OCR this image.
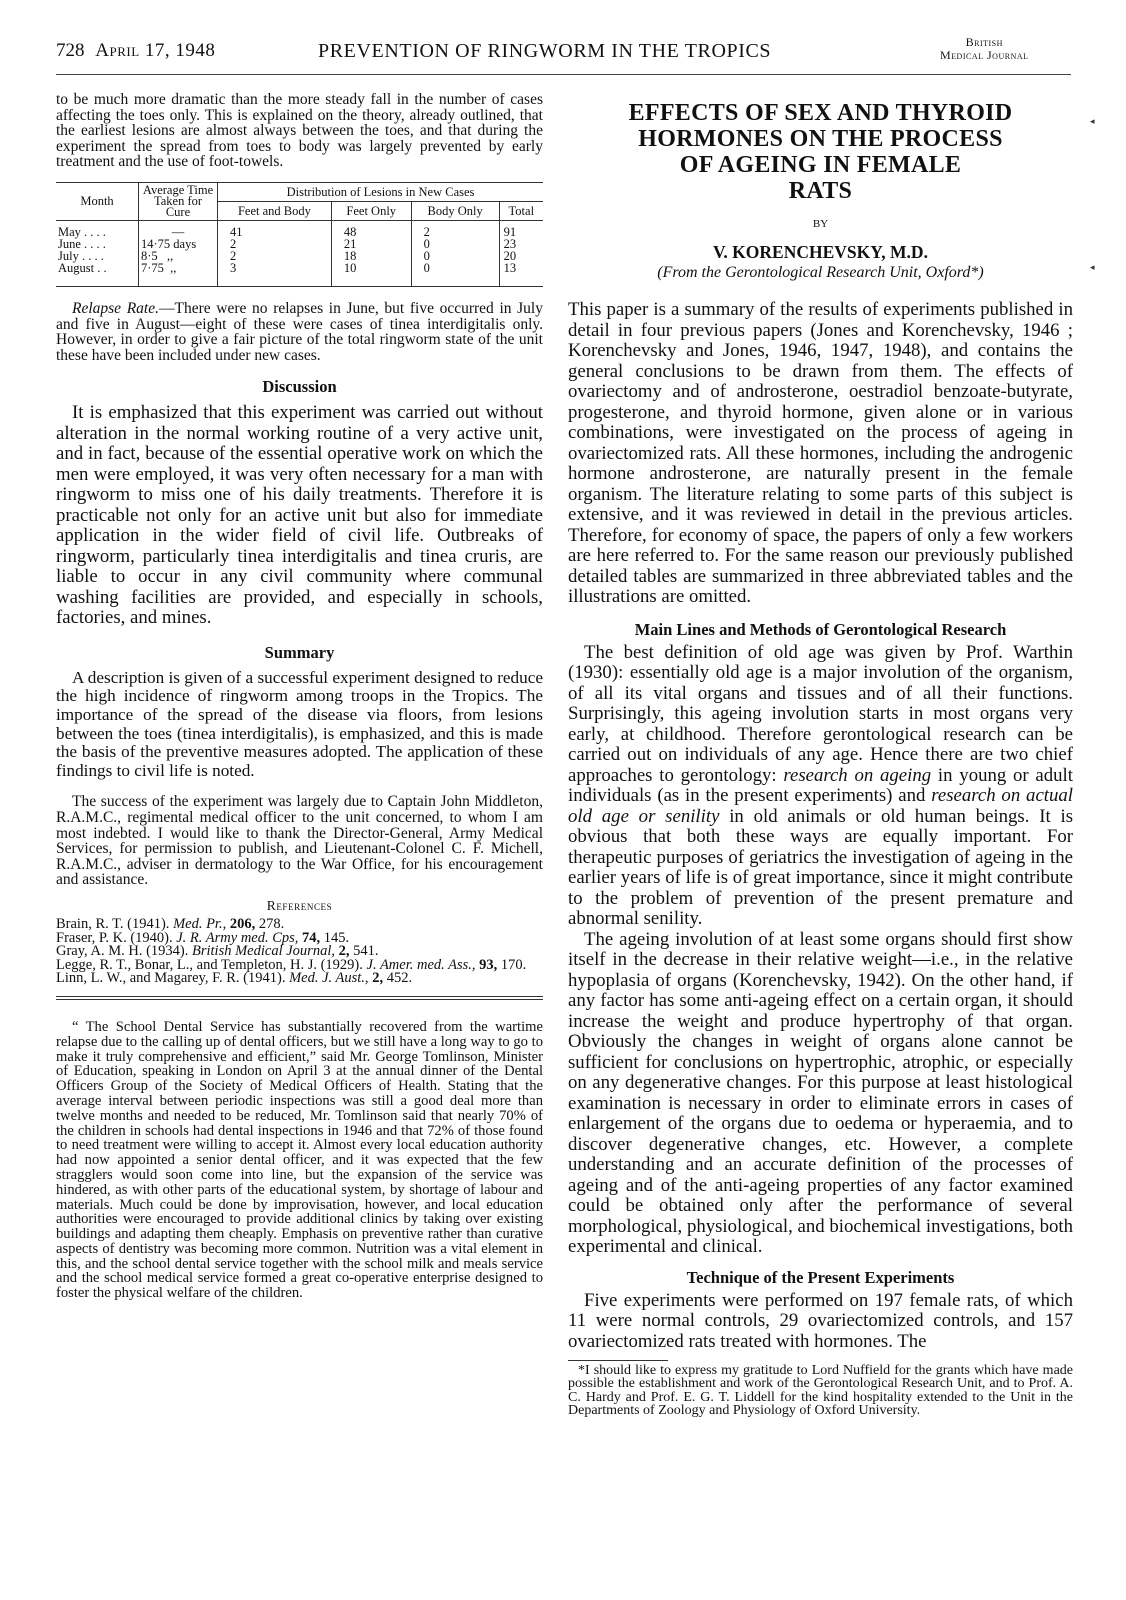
728 April 17, 1948	PREVENTION OF RINGWORM IN THE TROPICS	British
Medical Journal

to be much more dramatic than the more steady fall in the number of cases affecting the toes only. This is explained on the theory, already outlined, that the earliest lesions are almost always between the toes, and that during the experiment the spread from toes to body was largely prevented by early treatment and the use of foot-towels.

Month	Average Time Taken for Cure	Distribution of Lesions in New Cases			
		Feet and Body	Feet Only	Body Only	Total
May . . . .	—	41	48	2	91
June . . . .	14·75 days	2	21	0	23
July . . . .	8·5   ,,	2	18	0	20
August . .	7·75  ,,	3	10	0	13

Relapse Rate.—There were no relapses in June, but five occurred in July and five in August—eight of these were cases of tinea interdigitalis only. However, in order to give a fair picture of the total ringworm state of the unit these have been included under new cases.

Discussion

It is emphasized that this experiment was carried out without alteration in the normal working routine of a very active unit, and in fact, because of the essential operative work on which the men were employed, it was very often necessary for a man with ringworm to miss one of his daily treatments. Therefore it is practicable not only for an active unit but also for immediate application in the wider field of civil life. Outbreaks of ringworm, particularly tinea interdigitalis and tinea cruris, are liable to occur in any civil community where communal washing facilities are provided, and especially in schools, factories, and mines.

Summary

A description is given of a successful experiment designed to reduce the high incidence of ringworm among troops in the Tropics. The importance of the spread of the disease via floors, from lesions between the toes (tinea interdigitalis), is emphasized, and this is made the basis of the preventive measures adopted. The application of these findings to civil life is noted.

The success of the experiment was largely due to Captain John Middleton, R.A.M.C., regimental medical officer to the unit concerned, to whom I am most indebted. I would like to thank the Director-General, Army Medical Services, for permission to publish, and Lieutenant-Colonel C. F. Michell, R.A.M.C., adviser in dermatology to the War Office, for his encouragement and assistance.

References
Brain, R. T. (1941). Med. Pr., 206, 278.
Fraser, P. K. (1940). J. R. Army med. Cps, 74, 145.
Gray, A. M. H. (1934). British Medical Journal, 2, 541.
Legge, R. T., Bonar, L., and Templeton, H. J. (1929). J. Amer. med. Ass., 93, 170.
Linn, L. W., and Magarey, F. R. (1941). Med. J. Aust., 2, 452.

“ The School Dental Service has substantially recovered from the wartime relapse due to the calling up of dental officers, but we still have a long way to go to make it truly comprehensive and efficient,” said Mr. George Tomlinson, Minister of Education, speaking in London on April 3 at the annual dinner of the Dental Officers Group of the Society of Medical Officers of Health. Stating that the average interval between periodic inspections was still a good deal more than twelve months and needed to be reduced, Mr. Tomlinson said that nearly 70% of the children in schools had dental inspections in 1946 and that 72% of those found to need treatment were willing to accept it. Almost every local education authority had now appointed a senior dental officer, and it was expected that the few stragglers would soon come into line, but the expansion of the service was hindered, as with other parts of the educational system, by shortage of labour and materials. Much could be done by improvisation, however, and local education authorities were encouraged to provide additional clinics by taking over existing buildings and adapting them cheaply. Emphasis on preventive rather than curative aspects of dentistry was becoming more common. Nutrition was a vital element in this, and the school dental service together with the school milk and meals service and the school medical service formed a great co-operative enterprise designed to foster the physical welfare of the children.

EFFECTS OF SEX AND THYROID
HORMONES ON THE PROCESS
OF AGEING IN FEMALE
RATS
BY
V. KORENCHEVSKY, M.D.
(From the Gerontological Research Unit, Oxford*)

This paper is a summary of the results of experiments published in detail in four previous papers (Jones and Korenchevsky, 1946 ; Korenchevsky and Jones, 1946, 1947, 1948), and contains the general conclusions to be drawn from them. The effects of ovariectomy and of androsterone, oestradiol benzoate-butyrate, progesterone, and thyroid hormone, given alone or in various combinations, were investigated on the process of ageing in ovariectomized rats. All these hormones, including the androgenic hormone androsterone, are naturally present in the female organism. The literature relating to some parts of this subject is extensive, and it was reviewed in detail in the previous articles. Therefore, for economy of space, the papers of only a few workers are here referred to. For the same reason our previously published detailed tables are summarized in three abbreviated tables and the illustrations are omitted.

Main Lines and Methods of Gerontological Research

The best definition of old age was given by Prof. Warthin (1930): essentially old age is a major involution of the organism, of all its vital organs and tissues and of all their functions. Surprisingly, this ageing involution starts in most organs very early, at childhood. Therefore gerontological research can be carried out on individuals of any age. Hence there are two chief approaches to gerontology: research on ageing in young or adult individuals (as in the present experiments) and research on actual old age or senility in old animals or old human beings. It is obvious that both these ways are equally important. For therapeutic purposes of geriatrics the investigation of ageing in the earlier years of life is of great importance, since it might contribute to the problem of prevention of the present premature and abnormal senility.

The ageing involution of at least some organs should first show itself in the decrease in their relative weight—i.e., in the relative hypoplasia of organs (Korenchevsky, 1942). On the other hand, if any factor has some anti-ageing effect on a certain organ, it should increase the weight and produce hypertrophy of that organ. Obviously the changes in weight of organs alone cannot be sufficient for conclusions on hypertrophic, atrophic, or especially on any degenerative changes. For this purpose at least histological examination is necessary in order to eliminate errors in cases of enlargement of the organs due to oedema or hyperaemia, and to discover degenerative changes, etc. However, a complete understanding and an accurate definition of the processes of ageing and of the anti-ageing properties of any factor examined could be obtained only after the performance of several morphological, physiological, and biochemical investigations, both experimental and clinical.

Technique of the Present Experiments

Five experiments were performed on 197 female rats, of which 11 were normal controls, 29 ovariectomized controls, and 157 ovariectomized rats treated with hormones. The

*I should like to express my gratitude to Lord Nuffield for the grants which have made possible the establishment and work of the Gerontological Research Unit, and to Prof. A. C. Hardy and Prof. E. G. T. Liddell for the kind hospitality extended to the Unit in the Departments of Zoology and Physiology of Oxford University.

◂
◂
